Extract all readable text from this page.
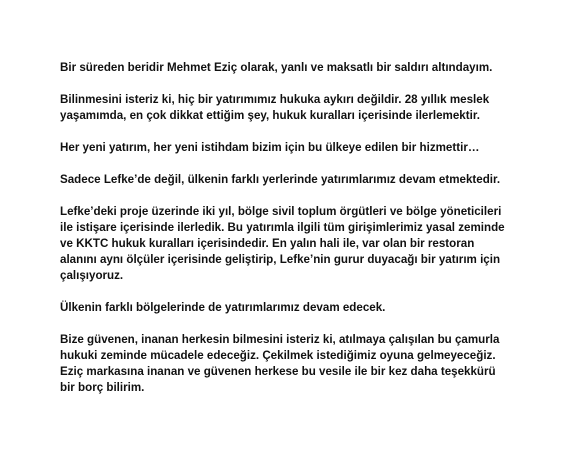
Bir süreden beridir Mehmet Eziç olarak, yanlı ve maksatlı bir saldırı altındayım.

Bilinmesini isteriz ki, hiç bir yatırımımız hukuka aykırı değildir. 28 yıllık meslek
yaşamımda, en çok dikkat ettiğim şey, hukuk kuralları içerisinde ilerlemektir.

Her yeni yatırım, her yeni istihdam bizim için bu ülkeye edilen bir hizmettir…

Sadece Lefke’de değil, ülkenin farklı yerlerinde yatırımlarımız devam etmektedir.

Lefke’deki proje üzerinde iki yıl, bölge sivil toplum örgütleri ve bölge yöneticileri
ile istişare içerisinde ilerledik. Bu yatırımla ilgili tüm girişimlerimiz yasal zeminde
ve KKTC hukuk kuralları içerisindedir. En yalın hali ile, var olan bir restoran
alanını aynı ölçüler içerisinde geliştirip, Lefke’nin gurur duyacağı bir yatırım için
çalışıyoruz.

Ülkenin farklı bölgelerinde de yatırımlarımız devam edecek.

Bize güvenen, inanan herkesin bilmesini isteriz ki, atılmaya çalışılan bu çamurla
hukuki zeminde mücadele edeceğiz. Çekilmek istediğimiz oyuna gelmeyeceğiz.
Eziç markasına inanan ve güvenen herkese bu vesile ile bir kez daha teşekkürü
bir borç bilirim.
